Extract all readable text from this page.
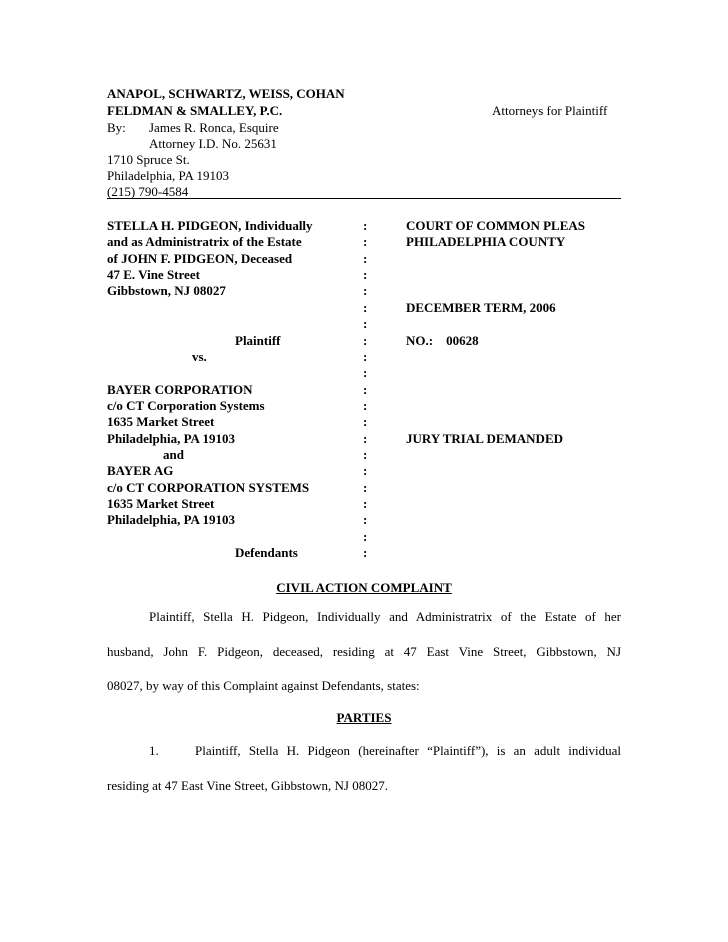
ANAPOL, SCHWARTZ, WEISS, COHAN
FELDMAN & SMALLEY, P.C.	Attorneys for Plaintiff
By: James R. Ronca, Esquire
Attorney I.D. No. 25631
1710 Spruce St.
Philadelphia, PA 19103
(215) 790-4584
STELLA H. PIDGEON, Individually
and as Administratrix of the Estate
of JOHN F. PIDGEON, Deceased
47 E. Vine Street
Gibbstown, NJ 08027
Plaintiff
vs.
BAYER CORPORATION
c/o CT Corporation Systems
1635 Market Street
Philadelphia, PA 19103
and
BAYER AG
c/o CT CORPORATION SYSTEMS
1635 Market Street
Philadelphia, PA 19103
Defendants
:
:
:
:
:
:
:
:
:
:
:
:
:
:
:
:
:
:
:
:
:
COURT OF COMMON PLEAS
PHILADELPHIA COUNTY
DECEMBER TERM, 2006
NO.:    00628
JURY TRIAL DEMANDED
CIVIL ACTION COMPLAINT
Plaintiff, Stella H. Pidgeon, Individually and Administratrix of the Estate of her
husband, John F. Pidgeon, deceased, residing at 47 East Vine Street, Gibbstown, NJ
08027, by way of this Complaint against Defendants, states:
PARTIES
1.	Plaintiff, Stella H. Pidgeon (hereinafter “Plaintiff”), is an adult individual
residing at 47 East Vine Street, Gibbstown, NJ 08027.
